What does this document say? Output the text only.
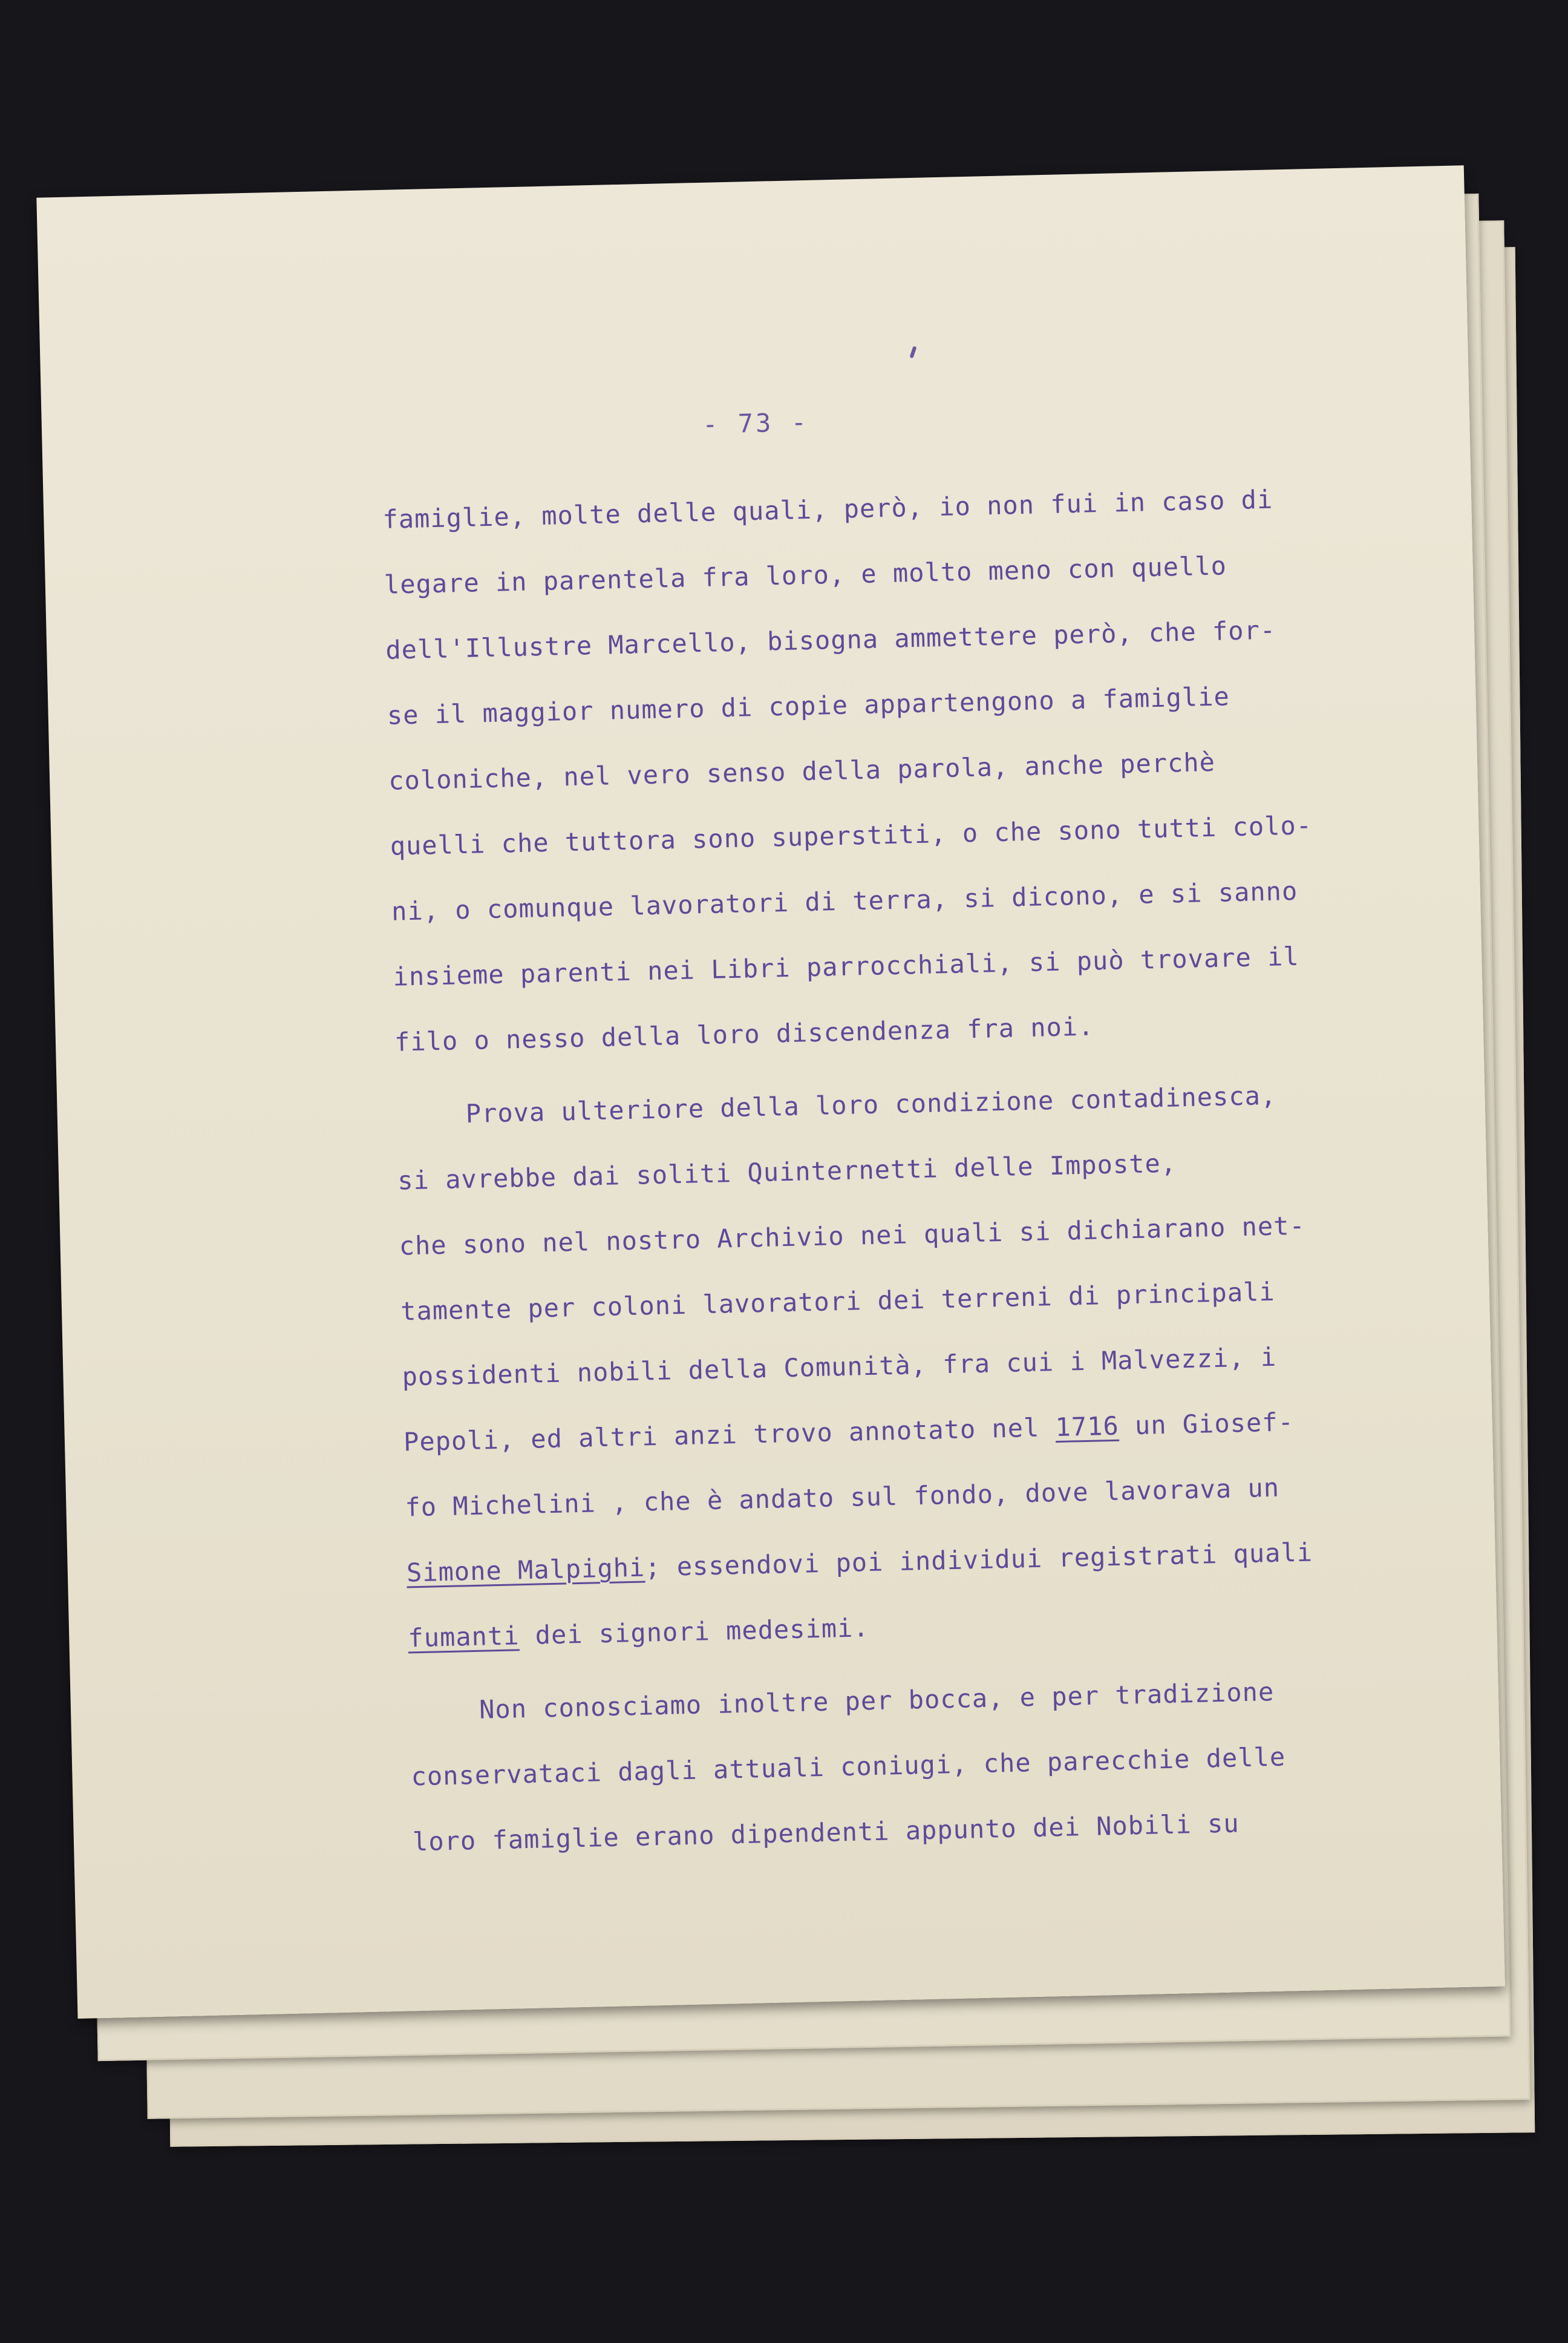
- 73 -
famiglie, molte delle quali, però, io non fui in caso di
legare in parentela fra loro, e molto meno con quello
dell'Illustre Marcello, bisogna ammettere però, che for-
se il maggior numero di copie appartengono a famiglie
coloniche, nel vero senso della parola, anche perchè
quelli che tuttora sono superstiti, o che sono tutti colo-
ni, o comunque lavoratori di terra, si dicono, e si sanno
insieme parenti nei Libri parrocchiali, si può trovare il
filo o nesso della loro discendenza fra noi.
Prova ulteriore della loro condizione contadinesca,
si avrebbe dai soliti Quinternetti delle Imposte,
che sono nel nostro Archivio nei quali si dichiarano net-
tamente per coloni lavoratori dei terreni di principali
possidenti nobili della Comunità, fra cui i Malvezzi, i
Pepoli, ed altri anzi trovo annotato nel 1716 un Giosef-
fo Michelini , che è andato sul fondo, dove lavorava un
Simone Malpighi; essendovi poi individui registrati quali
fumanti dei signori medesimi.
Non conosciamo inoltre per bocca, e per tradizione
conservataci dagli attuali coniugi, che parecchie delle
loro famiglie erano dipendenti appunto dei Nobili su
